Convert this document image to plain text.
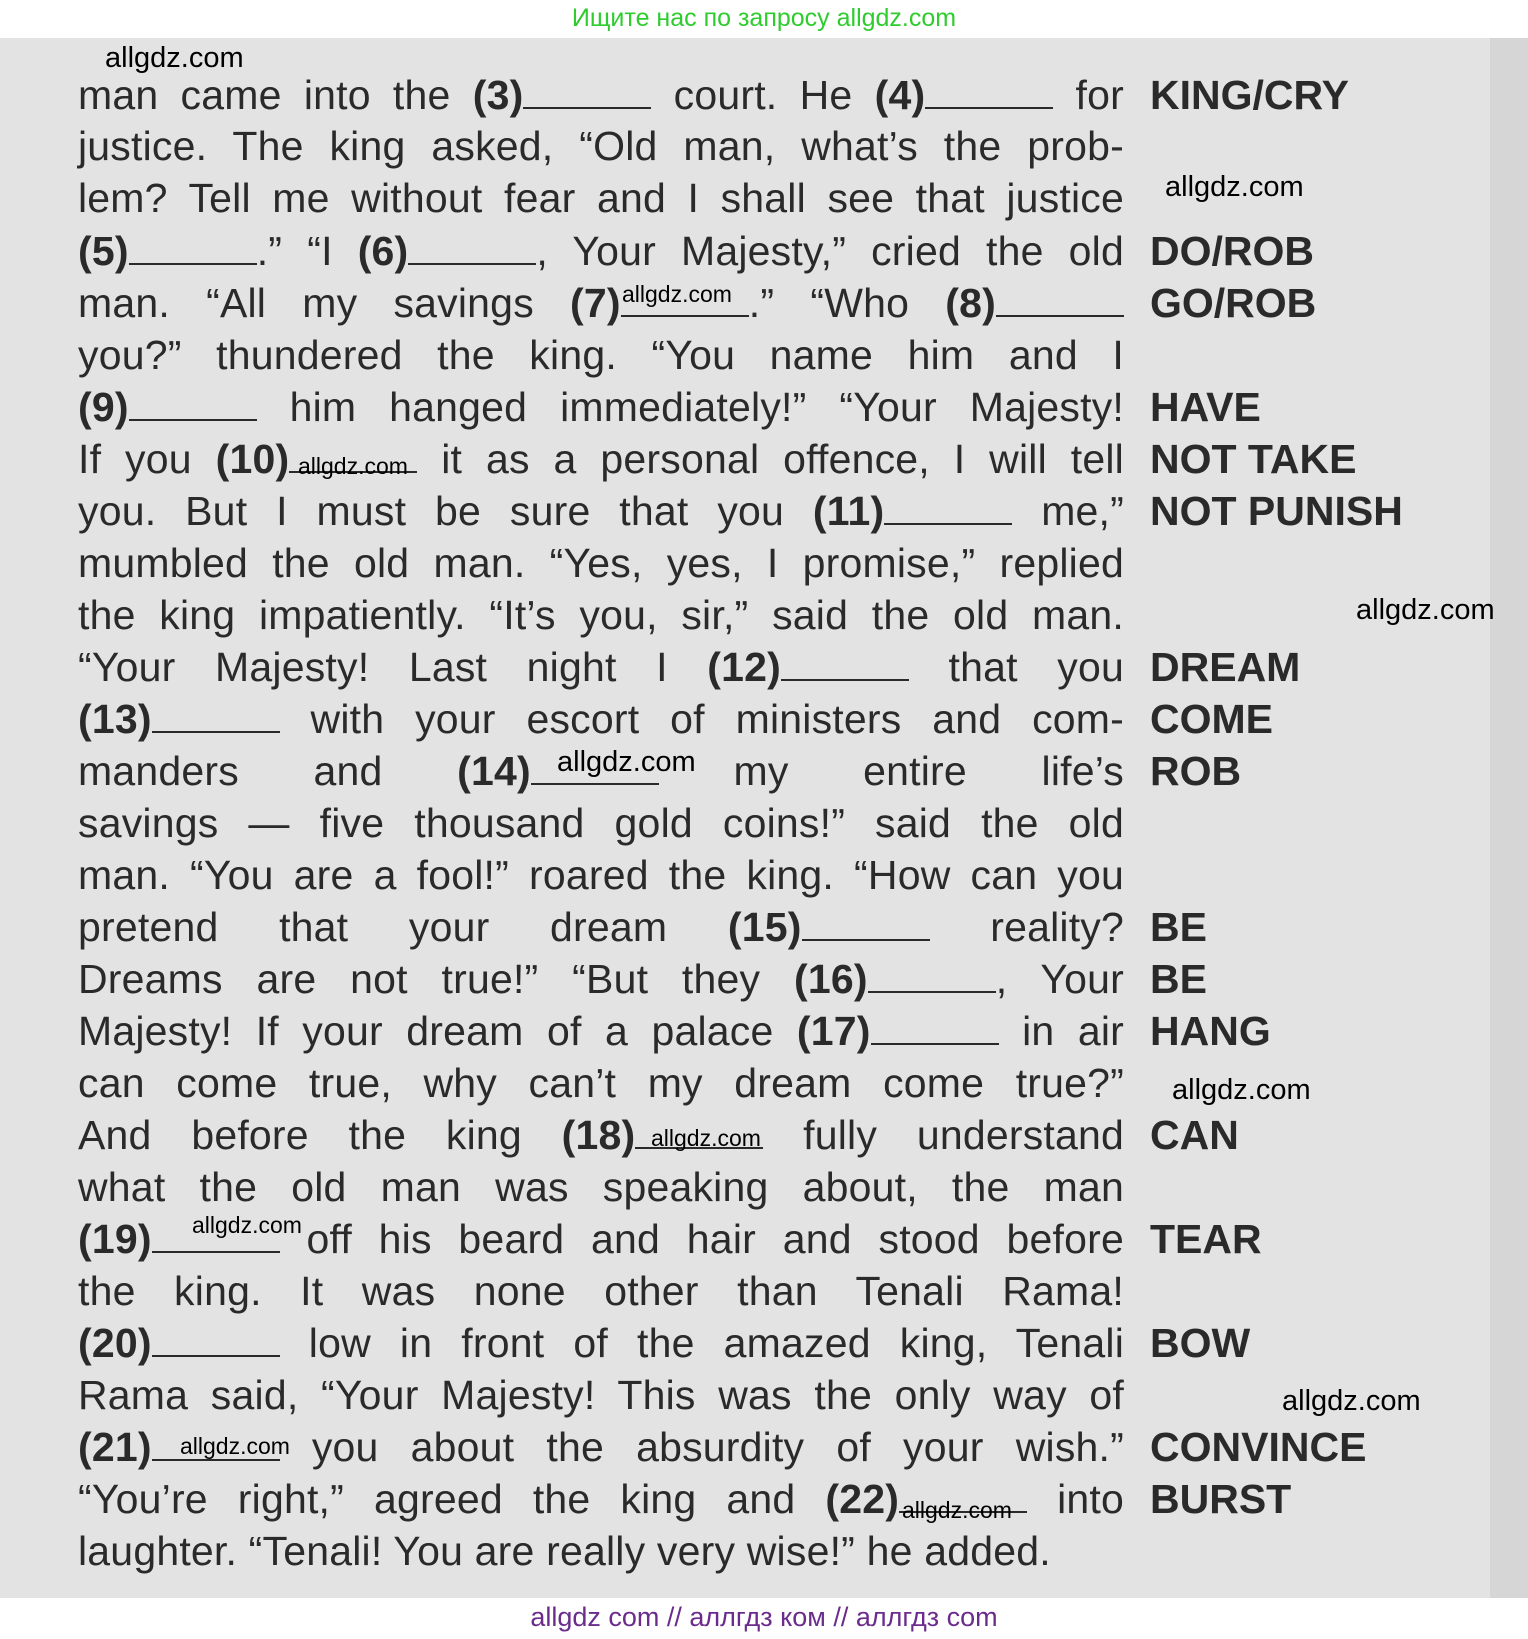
Ищите нас по запросу allgdz.com
man came into the (3)	court. He (4)	for
justice. The king asked, “Old man, what’s the prob-
lem? Tell me without fear and I shall see that justice
(5)	.” “I (6)	, Your Majesty,” cried the old
man. “All my savings (7)	.” “Who (8)
you?” thundered the king. “You name him and I
(9)	him hanged immediately!” “Your Majesty!
If you (10)	it as a personal offence, I will tell
you. But I must be sure that you (11)	me,”
mumbled the old man. “Yes, yes, I promise,” replied
the king impatiently. “It’s you, sir,” said the old man.
“Your Majesty! Last night I (12)	that you
(13)	with your escort of ministers and com-
manders and (14)	my entire life’s
savings — five thousand gold coins!” said the old
man. “You are a fool!” roared the king. “How can you
pretend that your dream (15)	reality?
Dreams are not true!” “But they (16)	, Your
Majesty! If your dream of a palace (17)	in air
can come true, why can’t my dream come true?”
And before the king (18)	fully understand
what the old man was speaking about, the man
(19)	off his beard and hair and stood before
the king. It was none other than Tenali Rama!
(20)	low in front of the amazed king, Tenali
Rama said, “Your Majesty! This was the only way of
(21)	you about the absurdity of your wish.”
“You’re right,” agreed the king and (22)	into
laughter. “Tenali! You are really very wise!” he added.
KING/CRY
DO/ROB
GO/ROB
HAVE
NOT TAKE
NOT PUNISH
DREAM
COME
ROB
BE
BE
HANG
CAN
TEAR
BOW
CONVINCE
BURST
allgdz.com
allgdz.com
allgdz.com
allgdz.com
allgdz.com
allgdz.com
allgdz.com
allgdz.com
allgdz.com
allgdz.com
allgdz.com
allgdz.com
allgdz com // аллгдз ком // аллгдз com
